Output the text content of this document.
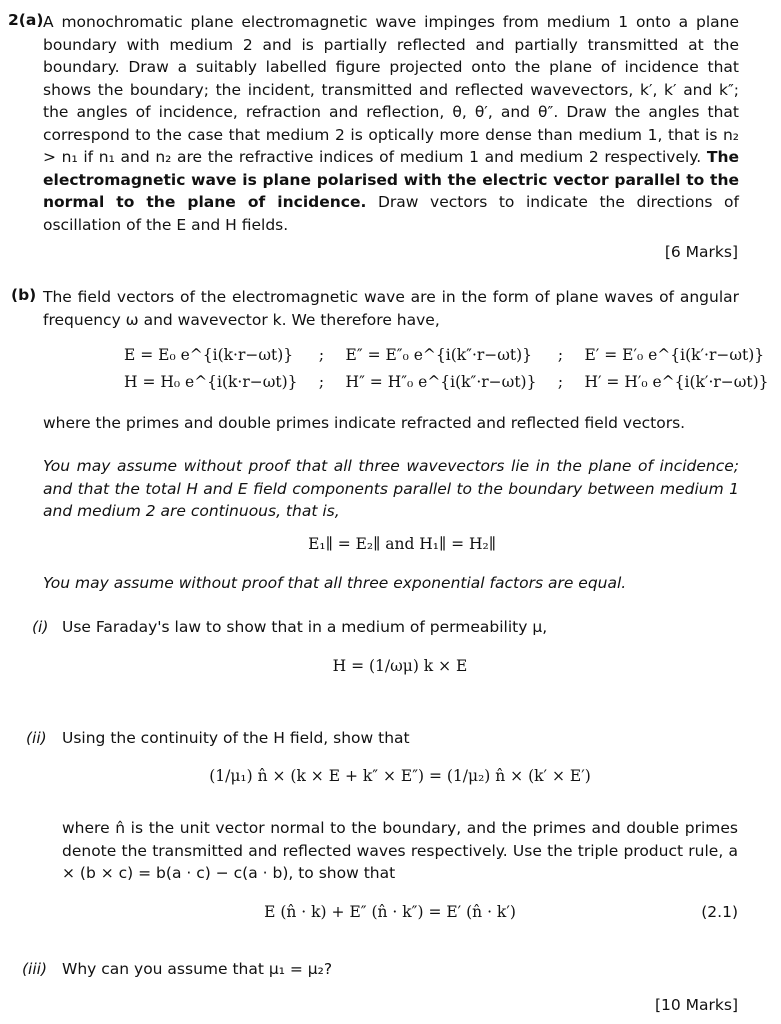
2(a) A monochromatic plane electromagnetic wave impinges from medium 1 onto a plane boundary with medium 2 and is partially reflected and partially transmitted at the boundary. Draw a suitably labelled figure projected onto the plane of incidence that shows the boundary; the incident, transmitted and reflected wavevectors, k′, k′ and k″; the angles of incidence, refraction and reflection, θ, θ′, and θ″. Draw the angles that correspond to the case that medium 2 is optically more dense than medium 1, that is n₂ > n₁ if n₁ and n₂ are the refractive indices of medium 1 and medium 2 respectively. The electromagnetic wave is plane polarised with the electric vector parallel to the normal to the plane of incidence. Draw vectors to indicate the directions of oscillation of the E and H fields.
[6 Marks]
(b) The field vectors of the electromagnetic wave are in the form of plane waves of angular frequency ω and wavevector k. We therefore have,
E = E₀ e^{i(k·r−ωt)}	;	E″ = E″₀ e^{i(k″·r−ωt)}	;	E′ = E′₀ e^{i(k′·r−ωt)}
H = H₀ e^{i(k·r−ωt)}	;	H″ = H″₀ e^{i(k″·r−ωt)}	;	H′ = H′₀ e^{i(k′·r−ωt)}
where the primes and double primes indicate refracted and reflected field vectors.
You may assume without proof that all three wavevectors lie in the plane of incidence; and that the total H and E field components parallel to the boundary between medium 1 and medium 2 are continuous, that is,
E₁∥ = E₂∥ and H₁∥ = H₂∥
You may assume without proof that all three exponential factors are equal.
(i) Use Faraday's law to show that in a medium of permeability μ,
H = (1/ωμ) k × E
(ii) Using the continuity of the H field, show that
(1/μ₁) n̂ × (k × E + k″ × E″) = (1/μ₂) n̂ × (k′ × E′)
where n̂ is the unit vector normal to the boundary, and the primes and double primes denote the transmitted and reflected waves respectively. Use the triple product rule, a × (b × c) = b(a · c) − c(a · b), to show that
E (n̂ · k) + E″ (n̂ · k″) = E′ (n̂ · k′)	(2.1)
(iii) Why can you assume that μ₁ = μ₂?
[10 Marks]
